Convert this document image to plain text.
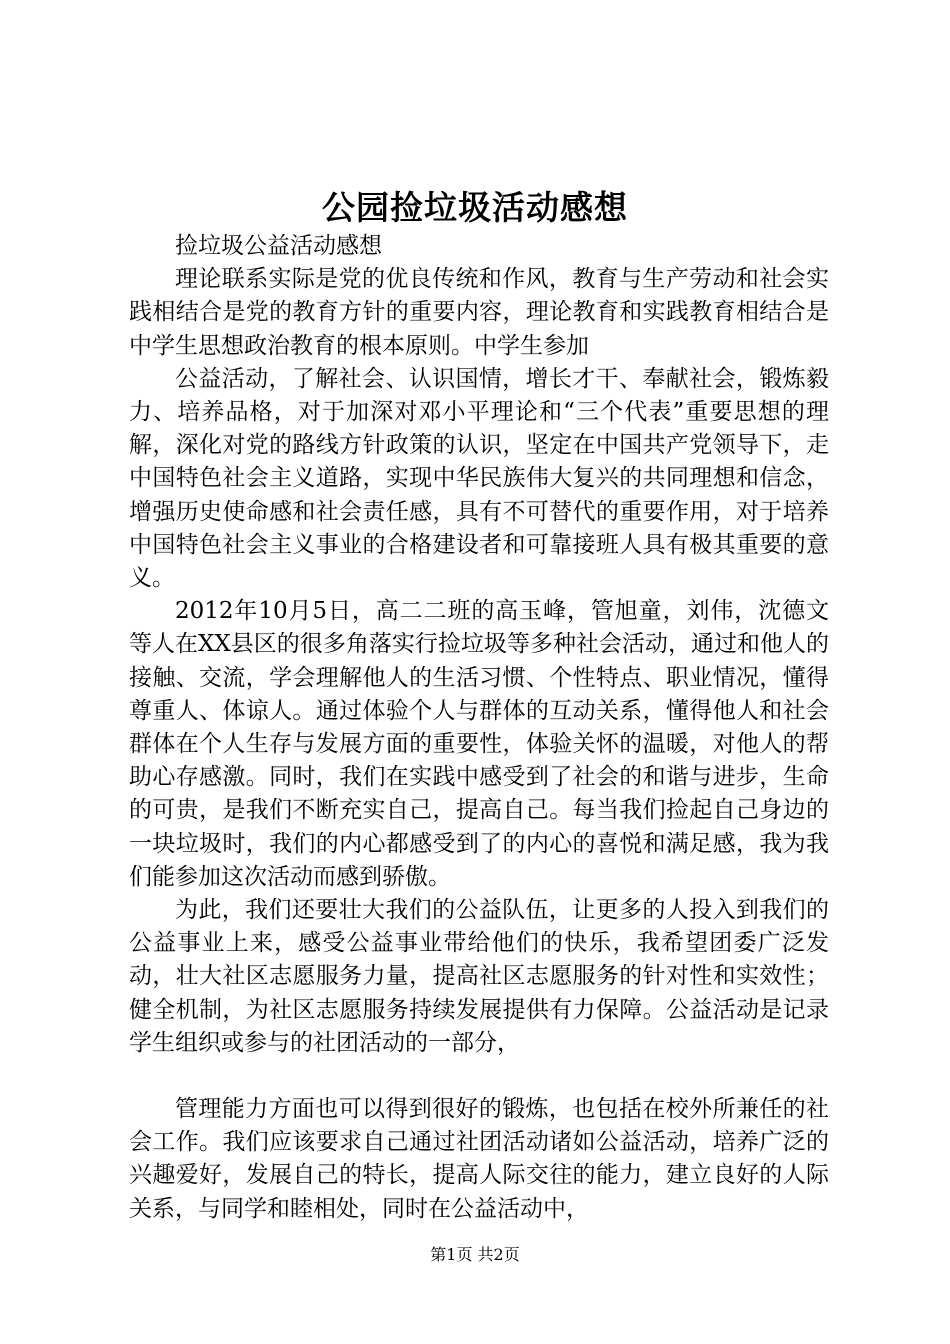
公园捡垃圾活动感想

捡垃圾公益活动感想

理论联系实际是党的优良传统和作风，教育与生产劳动和社会实践相结合是党的教育方针的重要内容，理论教育和实践教育相结合是中学生思想政治教育的根本原则。中学生参加

公益活动，了解社会、认识国情，增长才干、奉献社会，锻炼毅力、培养品格，对于加深对邓小平理论和“三个代表”重要思想的理解，深化对党的路线方针政策的认识，坚定在中国共产党领导下，走中国特色社会主义道路，实现中华民族伟大复兴的共同理想和信念，增强历史使命感和社会责任感，具有不可替代的重要作用，对于培养中国特色社会主义事业的合格建设者和可靠接班人具有极其重要的意义。

2012年10月5日，高二二班的高玉峰，管旭童，刘伟，沈德文等人在XX县区的很多角落实行捡垃圾等多种社会活动，通过和他人的接触、交流，学会理解他人的生活习惯、个性特点、职业情况，懂得尊重人、体谅人。通过体验个人与群体的互动关系，懂得他人和社会群体在个人生存与发展方面的重要性，体验关怀的温暖，对他人的帮助心存感激。同时，我们在实践中感受到了社会的和谐与进步，生命的可贵，是我们不断充实自己，提高自己。每当我们捡起自己身边的一块垃圾时，我们的内心都感受到了的内心的喜悦和满足感，我为我们能参加这次活动而感到骄傲。

为此，我们还要壮大我们的公益队伍，让更多的人投入到我们的公益事业上来，感受公益事业带给他们的快乐，我希望团委广泛发动，壮大社区志愿服务力量，提高社区志愿服务的针对性和实效性；健全机制，为社区志愿服务持续发展提供有力保障。公益活动是记录学生组织或参与的社团活动的一部分，

管理能力方面也可以得到很好的锻炼，也包括在校外所兼任的社会工作。我们应该要求自己通过社团活动诸如公益活动，培养广泛的兴趣爱好，发展自己的特长，提高人际交往的能力，建立良好的人际关系，与同学和睦相处，同时在公益活动中，

第1页 共2页
